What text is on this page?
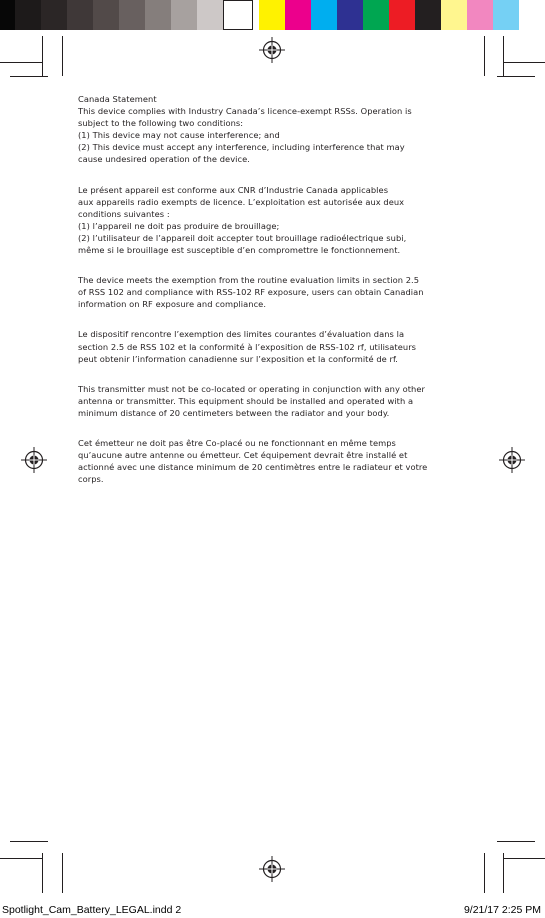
Canada Statement

This device complies with Industry Canada’s licence-exempt RSSs. Operation is
subject to the following two conditions:
(1) This device may not cause interference; and
(2) This device must accept any interference, including interference that may
cause undesired operation of the device.

Le présent appareil est conforme aux CNR d’Industrie Canada applicables
aux appareils radio exempts de licence. L’exploitation est autorisée aux deux
conditions suivantes :
(1) l’appareil ne doit pas produire de brouillage;
(2) l’utilisateur de l’appareil doit accepter tout brouillage radioélectrique subi,
même si le brouillage est susceptible d’en compromettre le fonctionnement.

The device meets the exemption from the routine evaluation limits in section 2.5
of RSS 102 and compliance with RSS-102 RF exposure, users can obtain Canadian
information on RF exposure and compliance.

Le dispositif rencontre l’exemption des limites courantes d’évaluation dans la
section 2.5 de RSS 102 et la conformité à l’exposition de RSS-102 rf, utilisateurs
peut obtenir l’information canadienne sur l’exposition et la conformité de rf.

This transmitter must not be co-located or operating in conjunction with any other
antenna or transmitter. This equipment should be installed and operated with a
minimum distance of 20 centimeters between the radiator and your body.

Cet émetteur ne doit pas être Co-placé ou ne fonctionnant en même temps
qu’aucune autre antenne ou émetteur. Cet équipement devrait être installé et
actionné avec une distance minimum de 20 centimètres entre le radiateur et votre
corps.

Spotlight_Cam_Battery_LEGAL.indd 2	9/21/17 2:25 PM
